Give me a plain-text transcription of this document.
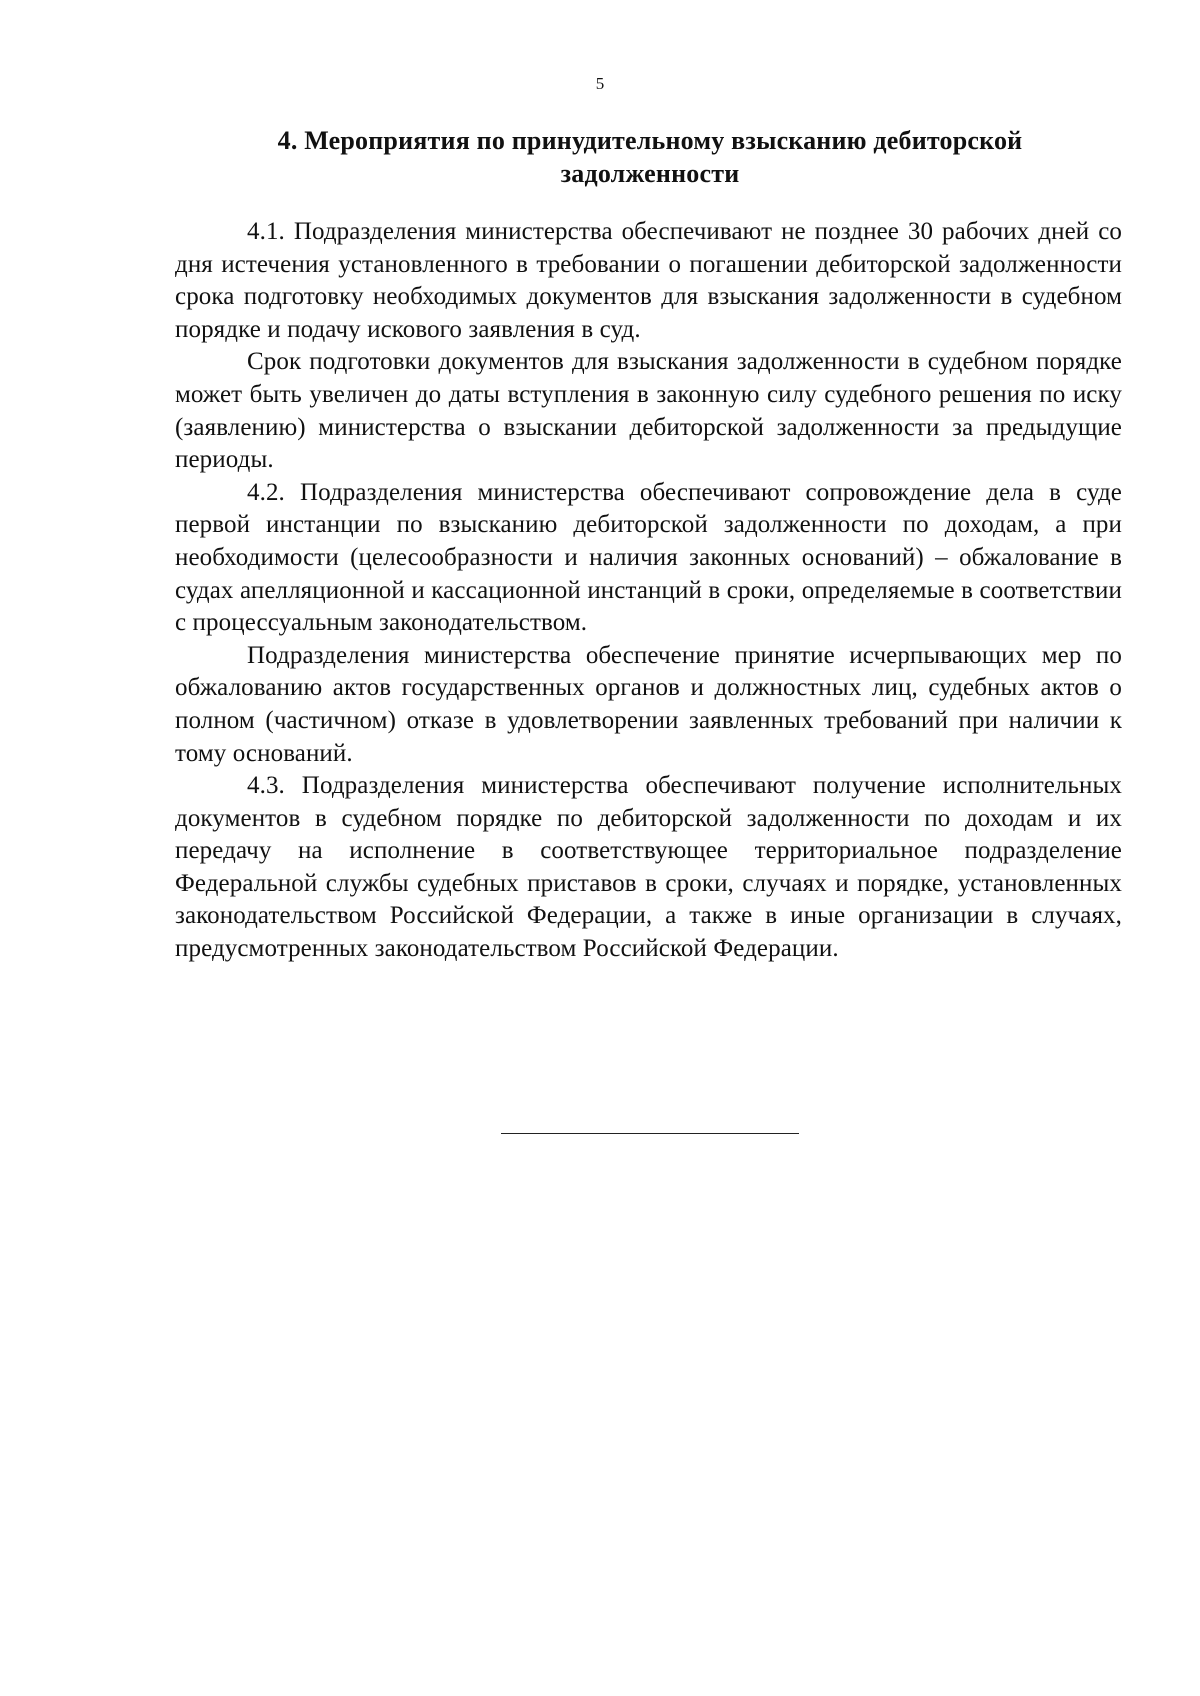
5
4. Мероприятия по принудительному взысканию дебиторской задолженности

4.1. Подразделения министерства обеспечивают не позднее 30 рабочих дней со дня истечения установленного в требовании о погашении дебиторской задолженности срока подготовку необходимых документов для взыскания задолженности в судебном порядке и подачу искового заявления в суд.

Срок подготовки документов для взыскания задолженности в судебном порядке может быть увеличен до даты вступления в законную силу судебного решения по иску (заявлению) министерства о взыскании дебиторской задолженности за предыдущие периоды.

4.2. Подразделения министерства обеспечивают сопровождение дела в суде первой инстанции по взысканию дебиторской задолженности по доходам, а при необходимости (целесообразности и наличия законных оснований) – обжалование в судах апелляционной и кассационной инстанций в сроки, определяемые в соответствии с процессуальным законодательством.

Подразделения министерства обеспечение принятие исчерпывающих мер по обжалованию актов государственных органов и должностных лиц, судебных актов о полном (частичном) отказе в удовлетворении заявленных требований при наличии к тому оснований.

4.3. Подразделения министерства обеспечивают получение исполнительных документов в судебном порядке по дебиторской задолженности по доходам и их передачу на исполнение в соответствующее территориальное подразделение Федеральной службы судебных приставов в сроки, случаях и порядке, установленных законодательством Российской Федерации, а также в иные организации в случаях, предусмотренных законодательством Российской Федерации.
